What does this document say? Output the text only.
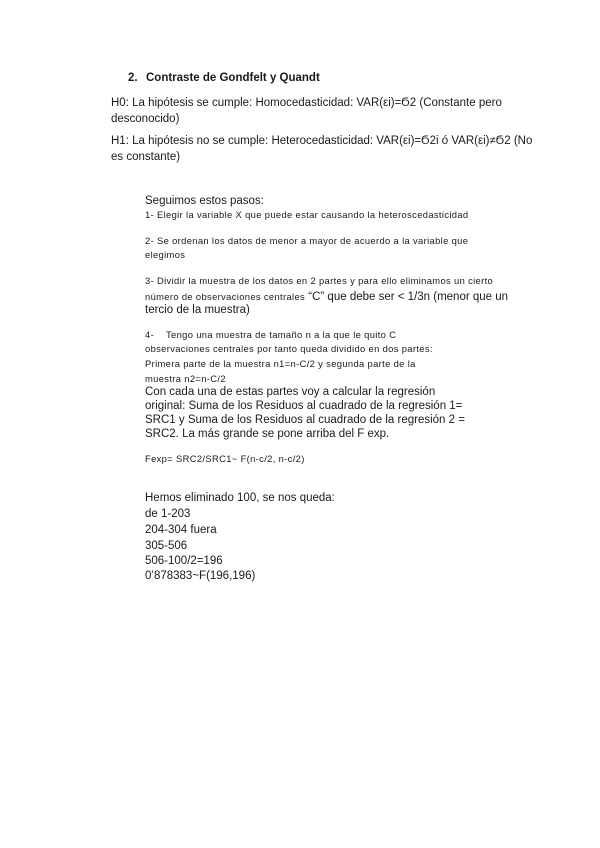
2. Contraste de Gondfelt y Quandt
H0: La hipótesis se cumple: Homocedasticidad: VAR(εi)=Ϭ2 (Constante pero
desconocido)
H1: La hipótesis no se cumple: Heterocedasticidad: VAR(εi)=Ϭ2i ó VAR(εi)≠Ϭ2 (No
es constante)
Seguimos estos pasos:
1- Elegir la variable X que puede estar causando la heteroscedasticidad
2- Se ordenan los datos de menor a mayor de acuerdo a la variable que
elegimos
3- Dividir la muestra de los datos en 2 partes y para ello eliminamos un cierto
número de observaciones centrales “C” que debe ser < 1/3n (menor que un
tercio de la muestra)
4- Tengo una muestra de tamaño n a la que le quito C
observaciones centrales por tanto queda dividido en dos partes:
Primera parte de la muestra n1=n-C/2 y segunda parte de la
muestra n2=n-C/2
Con cada una de estas partes voy a calcular la regresión
original: Suma de los Residuos al cuadrado de la regresión 1=
SRC1 y Suma de los Residuos al cuadrado de la regresión 2 =
SRC2. La más grande se pone arriba del F exp.
Fexp= SRC2/SRC1~ F(n-c/2, n-c/2)
Hemos eliminado 100, se nos queda:
de 1-203
204-304 fuera
305-506
506-100/2=196
0’878383~F(196,196)
